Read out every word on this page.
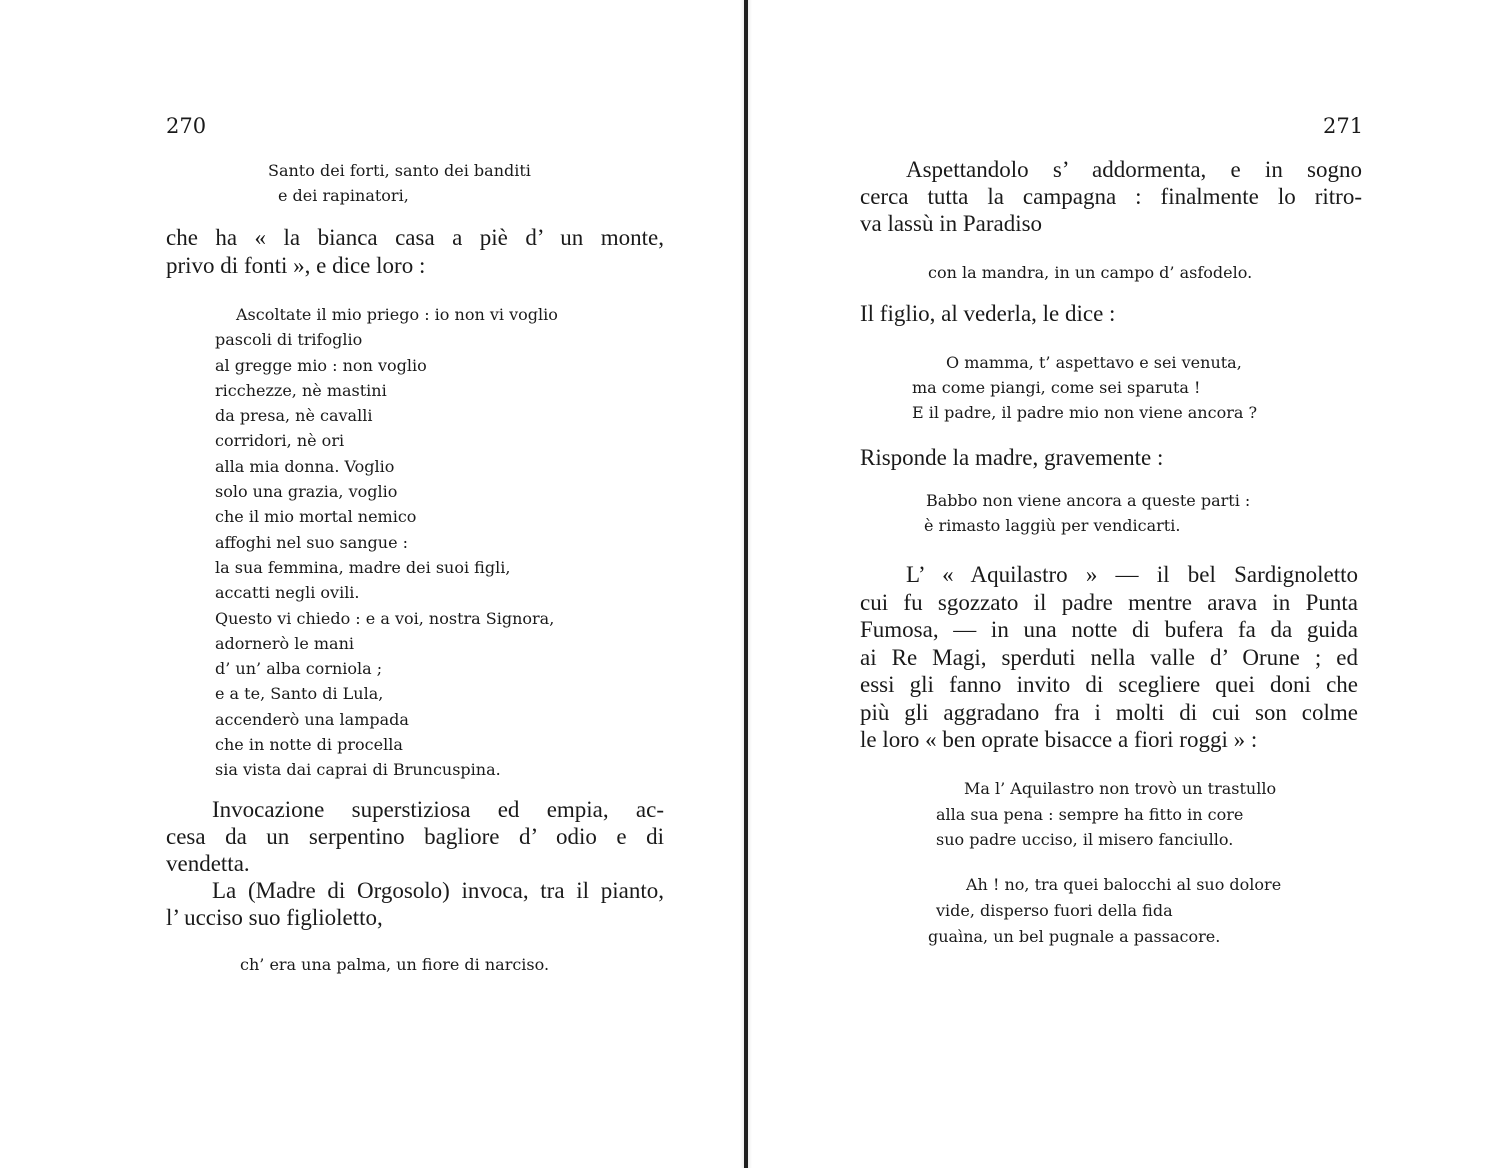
270
Santo dei forti, santo dei banditi
e dei rapinatori,
che ha « la bianca casa a piè d’ un monte,
privo di fonti », e dice loro :
Ascoltate il mio priego : io non vi voglio
pascoli di trifoglio
al gregge mio : non voglio
ricchezze, nè mastini
da presa, nè cavalli
corridori, nè ori
alla mia donna. Voglio
solo una grazia, voglio
che il mio mortal nemico
affoghi nel suo sangue :
la sua femmina, madre dei suoi figli,
accatti negli ovili.
Questo vi chiedo : e a voi, nostra Signora,
adornerò le mani
d’ un’ alba corniola ;
e a te, Santo di Lula,
accenderò una lampada
che in notte di procella
sia vista dai caprai di Bruncuspina.
Invocazione superstiziosa ed empia, ac-
cesa da un serpentino bagliore d’ odio e di
vendetta.
La (Madre di Orgosolo) invoca, tra il pianto,
l’ ucciso suo figlioletto,
ch’ era una palma, un fiore di narciso.
271
Aspettandolo s’ addormenta, e in sogno
cerca tutta la campagna : finalmente lo ritro-
va lassù in Paradiso
con la mandra, in un campo d’ asfodelo.
Il figlio, al vederla, le dice :
O mamma, t’ aspettavo e sei venuta,
ma come piangi, come sei sparuta !
E il padre, il padre mio non viene ancora ?
Risponde la madre, gravemente :
Babbo non viene ancora a queste parti :
è rimasto laggiù per vendicarti.
L’ « Aquilastro » — il bel Sardignoletto
cui fu sgozzato il padre mentre arava in Punta
Fumosa, — in una notte di bufera fa da guida
ai Re Magi, sperduti nella valle d’ Orune ; ed
essi gli fanno invito di scegliere quei doni che
più gli aggradano fra i molti di cui son colme
le loro « ben oprate bisacce a fiori roggi » :
Ma l’ Aquilastro non trovò un trastullo
alla sua pena : sempre ha fitto in core
suo padre ucciso, il misero fanciullo.
Ah ! no, tra quei balocchi al suo dolore
vide, disperso fuori della fida
guaìna, un bel pugnale a passacore.
